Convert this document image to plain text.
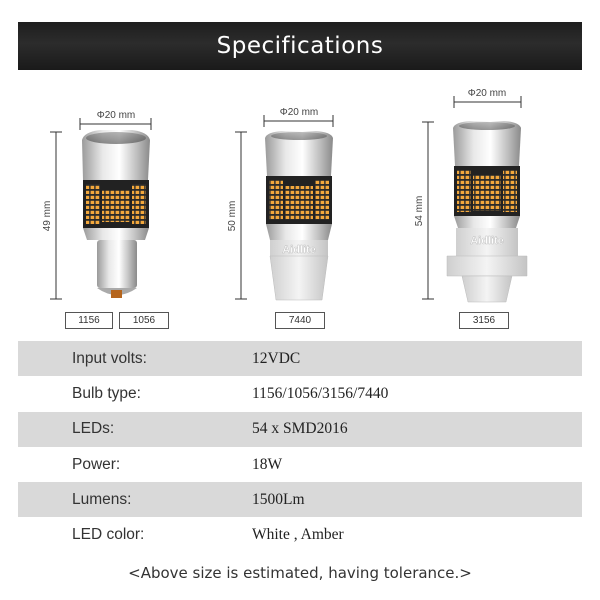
Specifications
Aidlite
Aidlite
Φ20 mm
49 mm
Φ20 mm
50 mm
Φ20 mm
54 mm
1156	1056	7440	3156
Input volts:	12VDC
Bulb type:	1156/1056/3156/7440
LEDs:	54 x SMD2016
Power:	18W
Lumens:	1500Lm
LED color:	White , Amber
<Above size is estimated, having tolerance.>
